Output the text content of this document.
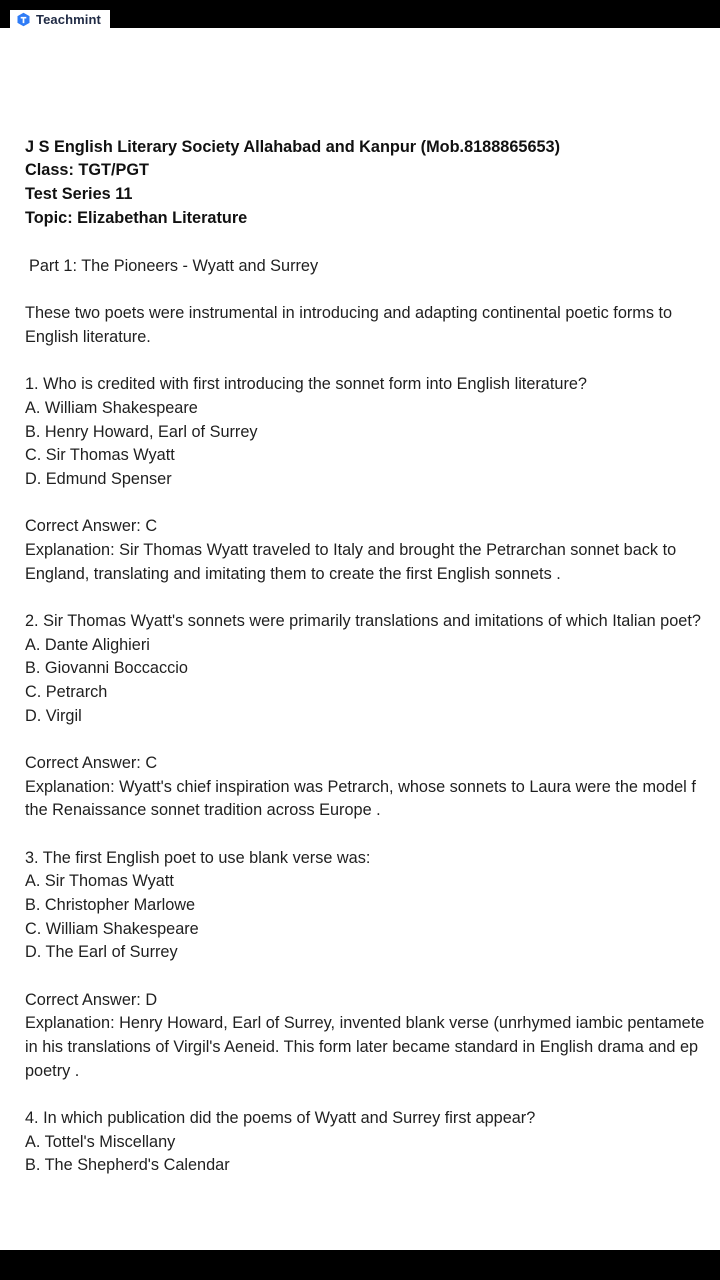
J S English Literary Society Allahabad and Kanpur (Mob.8188865653)
Class: TGT/PGT
Test Series 11
Topic: Elizabethan Literature
Part 1: The Pioneers - Wyatt and Surrey
These two poets were instrumental in introducing and adapting continental poetic forms to
English literature.
1. Who is credited with first introducing the sonnet form into English literature?
A. William Shakespeare
B. Henry Howard, Earl of Surrey
C. Sir Thomas Wyatt
D. Edmund Spenser
Correct Answer: C
Explanation: Sir Thomas Wyatt traveled to Italy and brought the Petrarchan sonnet back to
England, translating and imitating them to create the first English sonnets .
2. Sir Thomas Wyatt's sonnets were primarily translations and imitations of which Italian poet?
A. Dante Alighieri
B. Giovanni Boccaccio
C. Petrarch
D. Virgil
Correct Answer: C
Explanation: Wyatt's chief inspiration was Petrarch, whose sonnets to Laura were the model f
the Renaissance sonnet tradition across Europe .
3. The first English poet to use blank verse was:
A. Sir Thomas Wyatt
B. Christopher Marlowe
C. William Shakespeare
D. The Earl of Surrey
Correct Answer: D
Explanation: Henry Howard, Earl of Surrey, invented blank verse (unrhymed iambic pentamete
in his translations of Virgil's Aeneid. This form later became standard in English drama and ep
poetry .
4. In which publication did the poems of Wyatt and Surrey first appear?
A. Tottel's Miscellany
B. The Shepherd's Calendar
Teachmint
